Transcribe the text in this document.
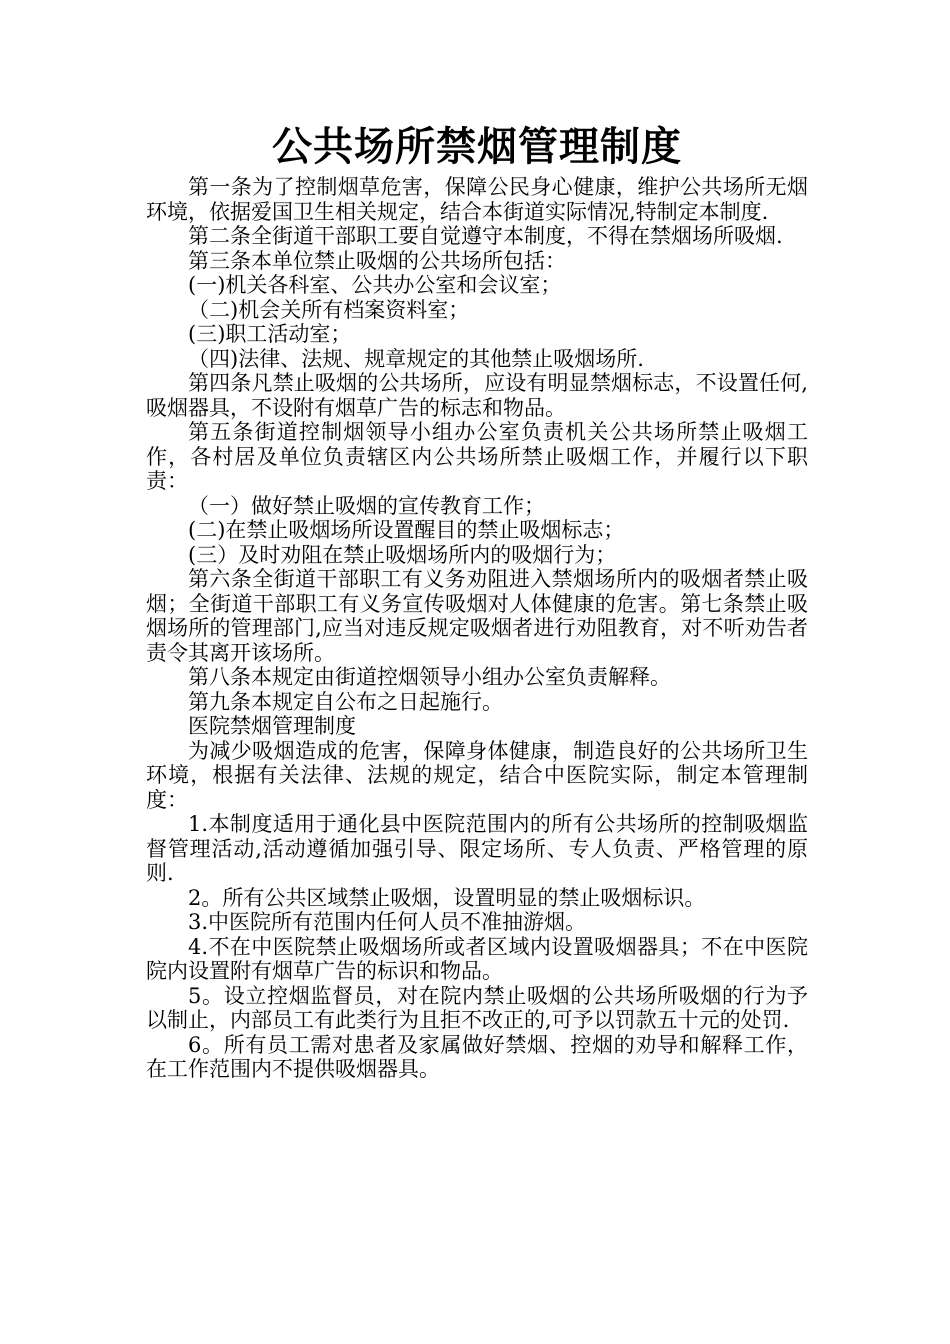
公共场所禁烟管理制度

第一条为了控制烟草危害，保障公民身心健康，维护公共场所无烟环境，依据爱国卫生相关规定，结合本街道实际情况,特制定本制度.

第二条全街道干部职工要自觉遵守本制度，不得在禁烟场所吸烟.

第三条本单位禁止吸烟的公共场所包括：

(一)机关各科室、公共办公室和会议室；

（二)机会关所有档案资料室；

(三)职工活动室；

（四)法律、法规、规章规定的其他禁止吸烟场所.

第四条凡禁止吸烟的公共场所，应设有明显禁烟标志，不设置任何,吸烟器具，不设附有烟草广告的标志和物品。

第五条街道控制烟领导小组办公室负责机关公共场所禁止吸烟工作，各村居及单位负责辖区内公共场所禁止吸烟工作，并履行以下职责：

（一）做好禁止吸烟的宣传教育工作；

(二)在禁止吸烟场所设置醒目的禁止吸烟标志；

(三）及时劝阻在禁止吸烟场所内的吸烟行为；

第六条全街道干部职工有义务劝阻进入禁烟场所内的吸烟者禁止吸烟；全街道干部职工有义务宣传吸烟对人体健康的危害。第七条禁止吸烟场所的管理部门,应当对违反规定吸烟者进行劝阻教育，对不听劝告者责令其离开该场所。

第八条本规定由街道控烟领导小组办公室负责解释。

第九条本规定自公布之日起施行。

医院禁烟管理制度

为减少吸烟造成的危害，保障身体健康，制造良好的公共场所卫生环境，根据有关法律、法规的规定，结合中医院实际，制定本管理制度：

1.本制度适用于通化县中医院范围内的所有公共场所的控制吸烟监督管理活动,活动遵循加强引导、限定场所、专人负责、严格管理的原则.

2。所有公共区域禁止吸烟，设置明显的禁止吸烟标识。

3.中医院所有范围内任何人员不准抽游烟。

4.不在中医院禁止吸烟场所或者区域内设置吸烟器具；不在中医院院内设置附有烟草广告的标识和物品。

5。设立控烟监督员，对在院内禁止吸烟的公共场所吸烟的行为予以制止，内部员工有此类行为且拒不改正的,可予以罚款五十元的处罚.

6。所有员工需对患者及家属做好禁烟、控烟的劝导和解释工作，在工作范围内不提供吸烟器具。
